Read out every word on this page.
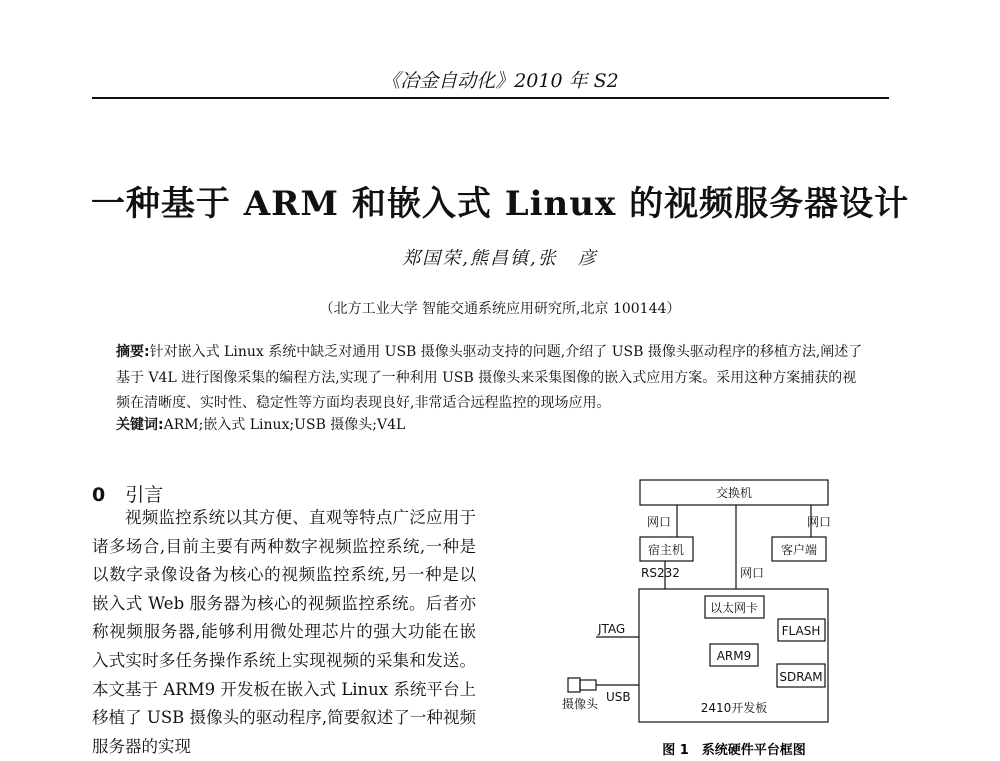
《冶金自动化》2010 年 S2
一种基于 ARM 和嵌入式 Linux 的视频服务器设计
郑国荣,熊昌镇,张　彦
（北方工业大学 智能交通系统应用研究所,北京 100144）

摘要:针对嵌入式 Linux 系统中缺乏对通用 USB 摄像头驱动支持的问题,介绍了 USB 摄像头驱动程序的移植方法,阐述了基于 V4L 进行图像采集的编程方法,实现了一种利用 USB 摄像头来采集图像的嵌入式应用方案。采用这种方案捕获的视频在清晰度、实时性、稳定性等方面均表现良好,非常适合远程监控的现场应用。

关键词:ARM;嵌入式 Linux;USB 摄像头;V4L
0 引言

视频监控系统以其方便、直观等特点广泛应用于诸多场合,目前主要有两种数字视频监控系统,一种是以数字录像设备为核心的视频监控系统,另一种是以嵌入式 Web 服务器为核心的视频监控系统。后者亦称视频服务器,能够利用微处理芯片的强大功能在嵌入式实时多任务操作系统上实现视频的采集和发送。本文基于 ARM9 开发板在嵌入式 Linux 系统平台上移植了 USB 摄像头的驱动程序,简要叙述了一种视频服务器的实现

交换机
网口	网口
宿主机	客户端
RS232	网口
以太网卡
FLASH
JTAG
ARM9
SDRAM
USB
摄像头	2410开发板
图 1　系统硬件平台框图
